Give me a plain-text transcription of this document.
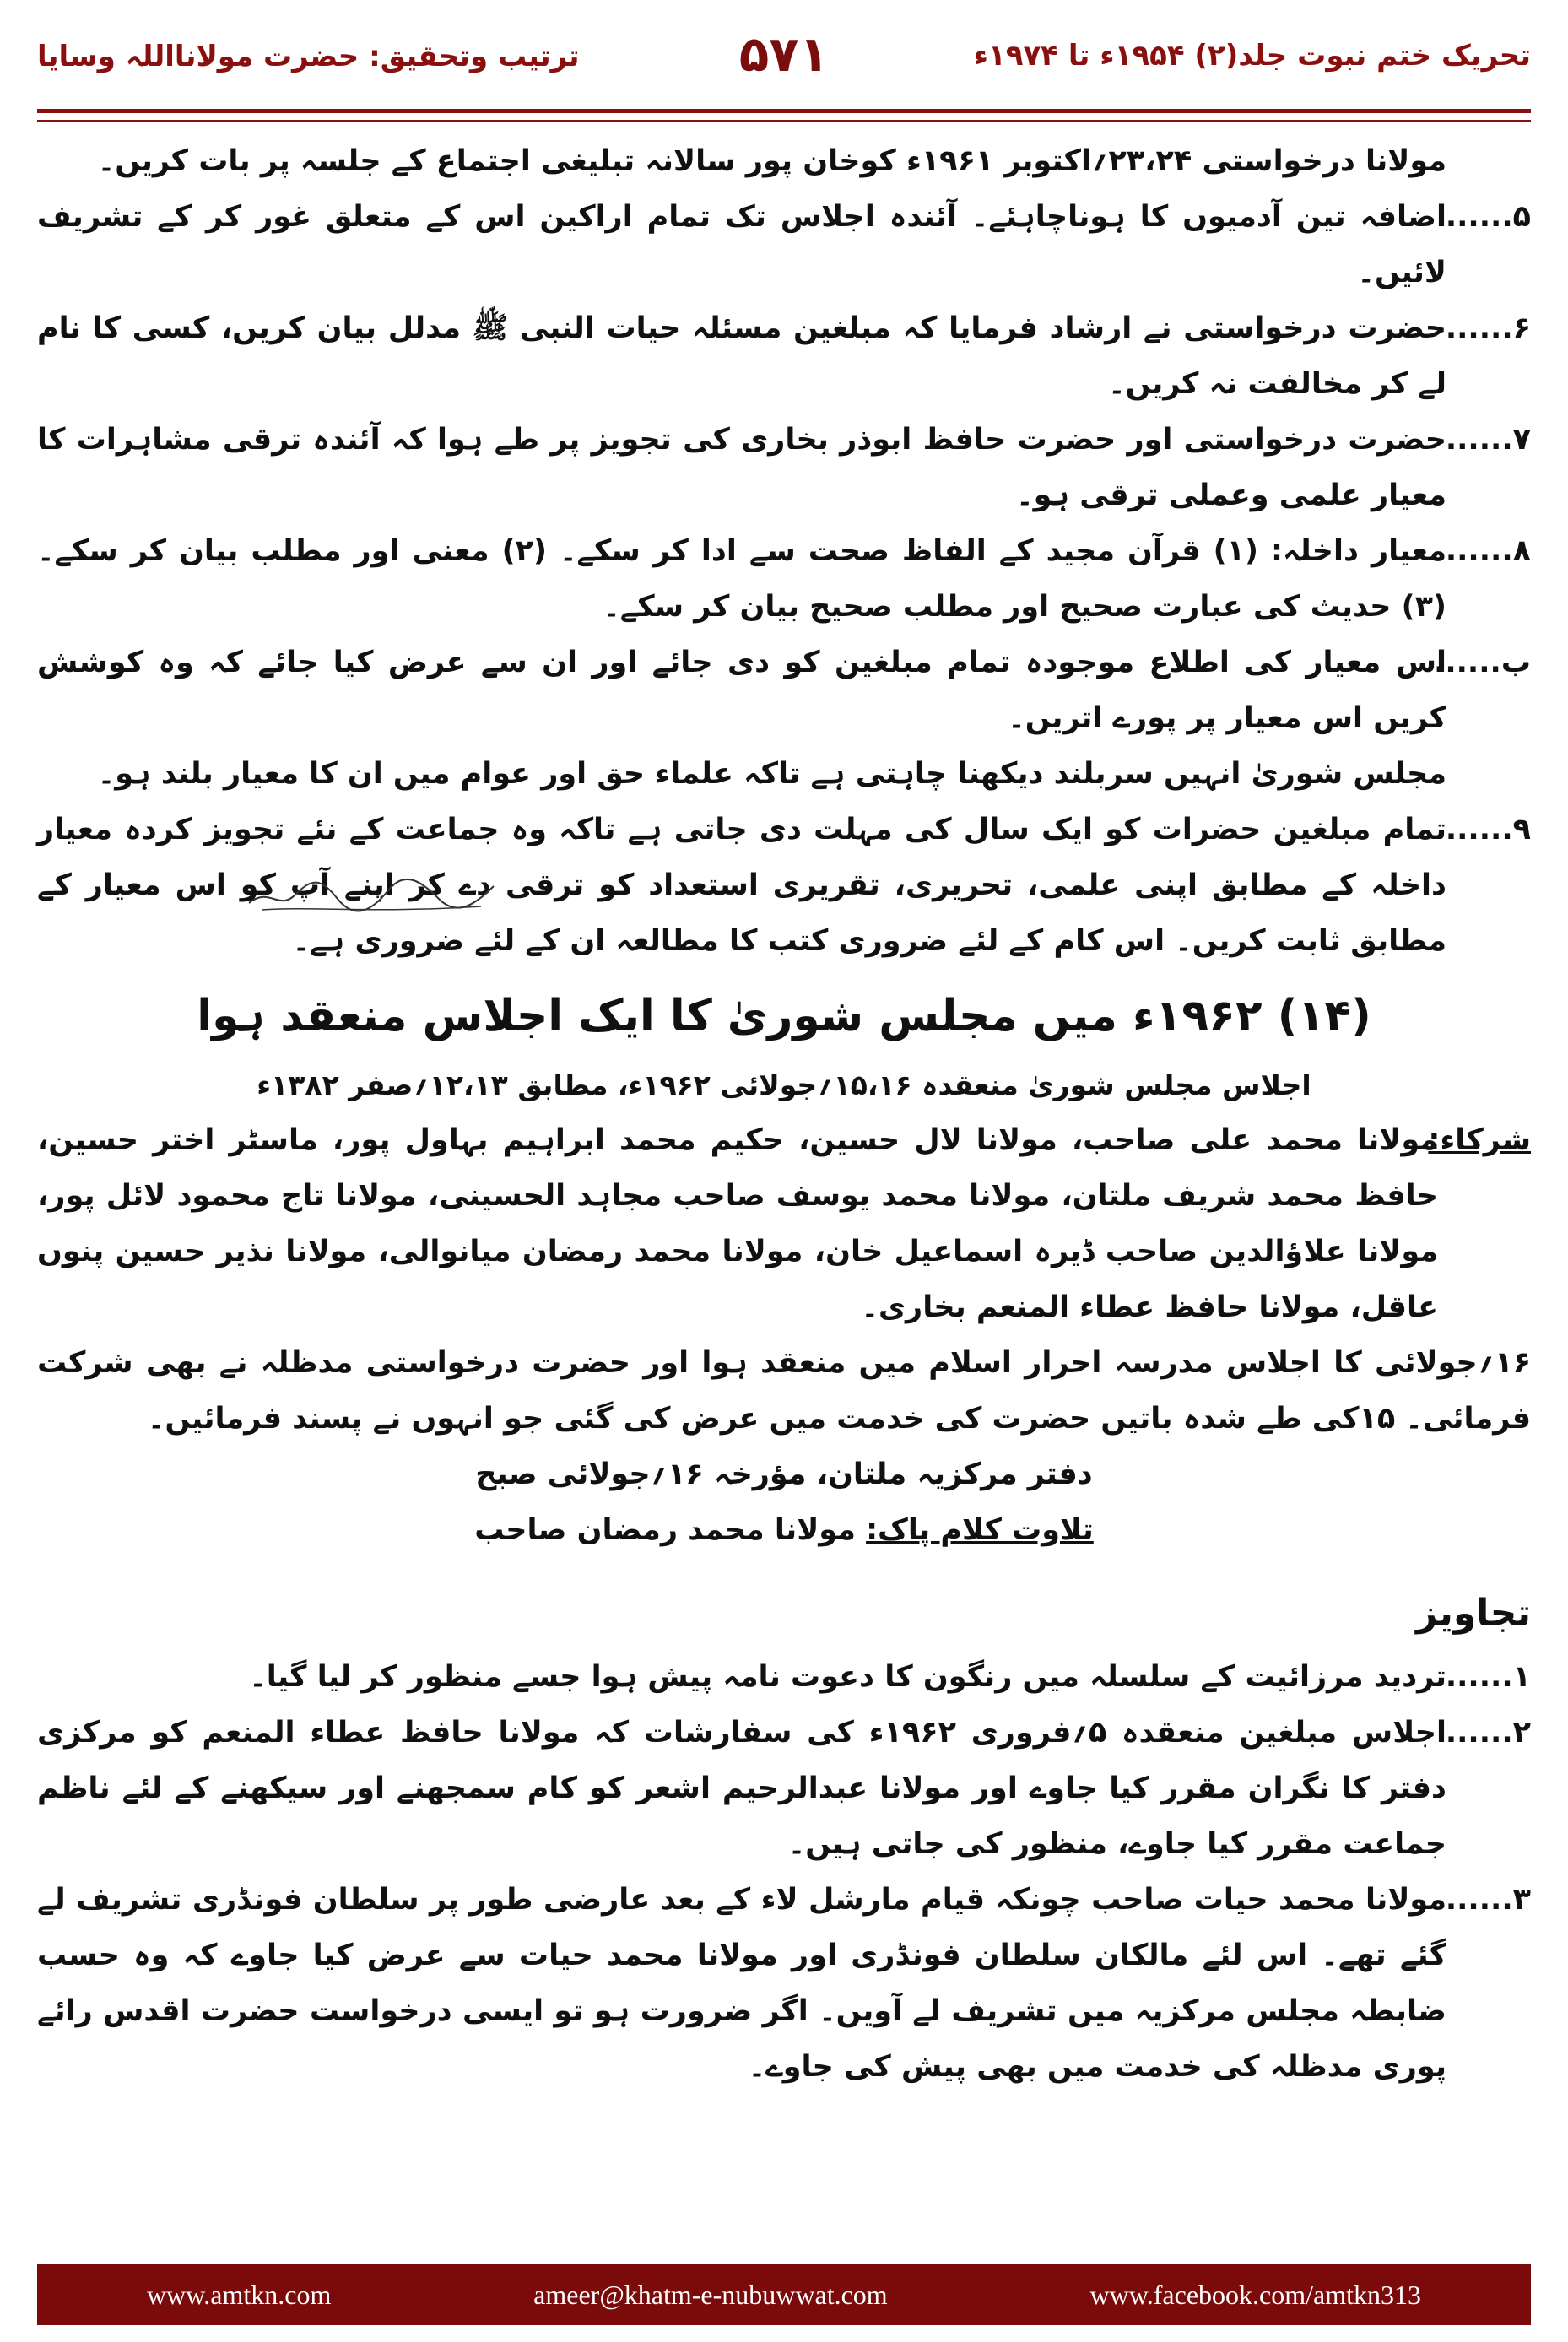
تحریک ختم نبوت جلد(۲) ۱۹۵۴ء تا ۱۹۷۴ء
۵۷۱
ترتیب وتحقیق: حضرت مولانااللہ وسایا

مولانا درخواستی ۲۳،۲۴؍اکتوبر ۱۹۶۱ء کوخان پور سالانہ تبلیغی اجتماع کے جلسہ پر بات کریں۔

۵......
اضافہ تین آدمیوں کا ہوناچاہئے۔ آئندہ اجلاس تک تمام اراکین اس کے متعلق غور کر کے تشریف لائیں۔
۶......
حضرت درخواستی نے ارشاد فرمایا کہ مبلغین مسئلہ حیات النبی ﷺ مدلل بیان کریں، کسی کا نام لے کر مخالفت نہ کریں۔
۷......
حضرت درخواستی اور حضرت حافظ ابوذر بخاری کی تجویز پر طے ہوا کہ آئندہ ترقی مشاہرات کا معیار علمی وعملی ترقی ہو۔
۸......
معیار داخلہ: (۱) قرآن مجید کے الفاظ صحت سے ادا کر سکے۔ (۲) معنی اور مطلب بیان کر سکے۔ (۳) حدیث کی عبارت صحیح اور مطلب صحیح بیان کر سکے۔
ب......
اس معیار کی اطلاع موجودہ تمام مبلغین کو دی جائے اور ان سے عرض کیا جائے کہ وہ کوشش کریں اس معیار پر پورے اتریں۔

مجلس شوریٰ انہیں سربلند دیکھنا چاہتی ہے تاکہ علماء حق اور عوام میں ان کا معیار بلند ہو۔

۹......
تمام مبلغین حضرات کو ایک سال کی مہلت دی جاتی ہے تاکہ وہ جماعت کے نئے تجویز کردہ معیار داخلہ کے مطابق اپنی علمی، تحریری، تقریری استعداد کو ترقی دے کر اپنے آپ کو اس معیار کے مطابق ثابت کریں۔ اس کام کے لئے ضروری کتب کا مطالعہ ان کے لئے ضروری ہے۔
(۱۴) ۱۹۶۲ء میں مجلس شوریٰ کا ایک اجلاس منعقد ہوا
اجلاس مجلس شوریٰ منعقدہ ۱۵،۱۶؍جولائی ۱۹۶۲ء، مطابق ۱۲،۱۳؍صفر ۱۳۸۲ء
شرکاء:
مولانا محمد علی صاحب، مولانا لال حسین، حکیم محمد ابراہیم بہاول پور، ماسٹر اختر حسین، حافظ محمد شریف ملتان، مولانا محمد یوسف صاحب مجاہد الحسینی، مولانا تاج محمود لائل پور، مولانا علاؤالدین صاحب ڈیرہ اسماعیل خان، مولانا محمد رمضان میانوالی، مولانا نذیر حسین پنوں عاقل، مولانا حافظ عطاء المنعم بخاری۔

۱۶؍جولائی کا اجلاس مدرسہ احرار اسلام میں منعقد ہوا اور حضرت درخواستی مدظلہ نے بھی شرکت فرمائی۔ ۱۵کی طے شدہ باتیں حضرت کی خدمت میں عرض کی گئی جو انہوں نے پسند فرمائیں۔

دفتر مرکزیہ ملتان، مؤرخہ ۱۶؍جولائی صبح
تلاوت کلام پاک: مولانا محمد رمضان صاحب
تجاویز
۱......
تردید مرزائیت کے سلسلہ میں رنگون کا دعوت نامہ پیش ہوا جسے منظور کر لیا گیا۔
۲......
اجلاس مبلغین منعقدہ ۵؍فروری ۱۹۶۲ء کی سفارشات کہ مولانا حافظ عطاء المنعم کو مرکزی دفتر کا نگران مقرر کیا جاوے اور مولانا عبدالرحیم اشعر کو کام سمجھنے اور سیکھنے کے لئے ناظم جماعت مقرر کیا جاوے، منظور کی جاتی ہیں۔
۳......
مولانا محمد حیات صاحب چونکہ قیام مارشل لاء کے بعد عارضی طور پر سلطان فونڈری تشریف لے گئے تھے۔ اس لئے مالکان سلطان فونڈری اور مولانا محمد حیات سے عرض کیا جاوے کہ وہ حسب ضابطہ مجلس مرکزیہ میں تشریف لے آویں۔ اگر ضرورت ہو تو ایسی درخواست حضرت اقدس رائے پوری مدظلہ کی خدمت میں بھی پیش کی جاوے۔
www.amtkn.com	ameer@khatm-e-nubuwwat.com	www.facebook.com/amtkn313
